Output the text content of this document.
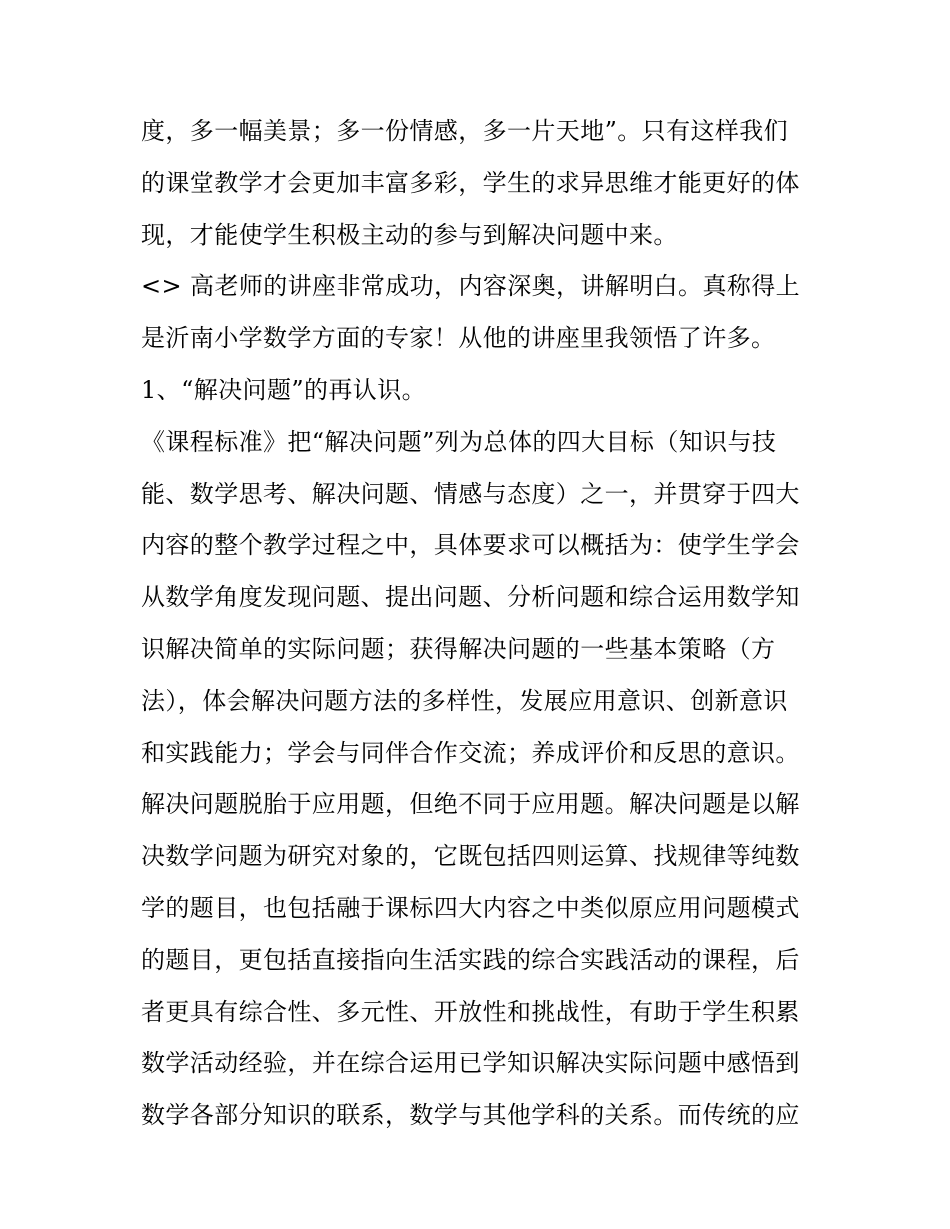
度，多一幅美景；多一份情感，多一片天地”。只有这样我们
的课堂教学才会更加丰富多彩，学生的求异思维才能更好的体
现，才能使学生积极主动的参与到解决问题中来。
<> 高老师的讲座非常成功，内容深奥，讲解明白。真称得上
是沂南小学数学方面的专家！从他的讲座里我领悟了许多。
1、“解决问题”的再认识。
《课程标准》把“解决问题”列为总体的四大目标（知识与技
能、数学思考、解决问题、情感与态度）之一，并贯穿于四大
内容的整个教学过程之中，具体要求可以概括为：使学生学会
从数学角度发现问题、提出问题、分析问题和综合运用数学知
识解决简单的实际问题；获得解决问题的一些基本策略（方
法），体会解决问题方法的多样性，发展应用意识、创新意识
和实践能力；学会与同伴合作交流；养成评价和反思的意识。
解决问题脱胎于应用题，但绝不同于应用题。解决问题是以解
决数学问题为研究对象的，它既包括四则运算、找规律等纯数
学的题目，也包括融于课标四大内容之中类似原应用问题模式
的题目，更包括直接指向生活实践的综合实践活动的课程，后
者更具有综合性、多元性、开放性和挑战性，有助于学生积累
数学活动经验，并在综合运用已学知识解决实际问题中感悟到
数学各部分知识的联系，数学与其他学科的关系。而传统的应
